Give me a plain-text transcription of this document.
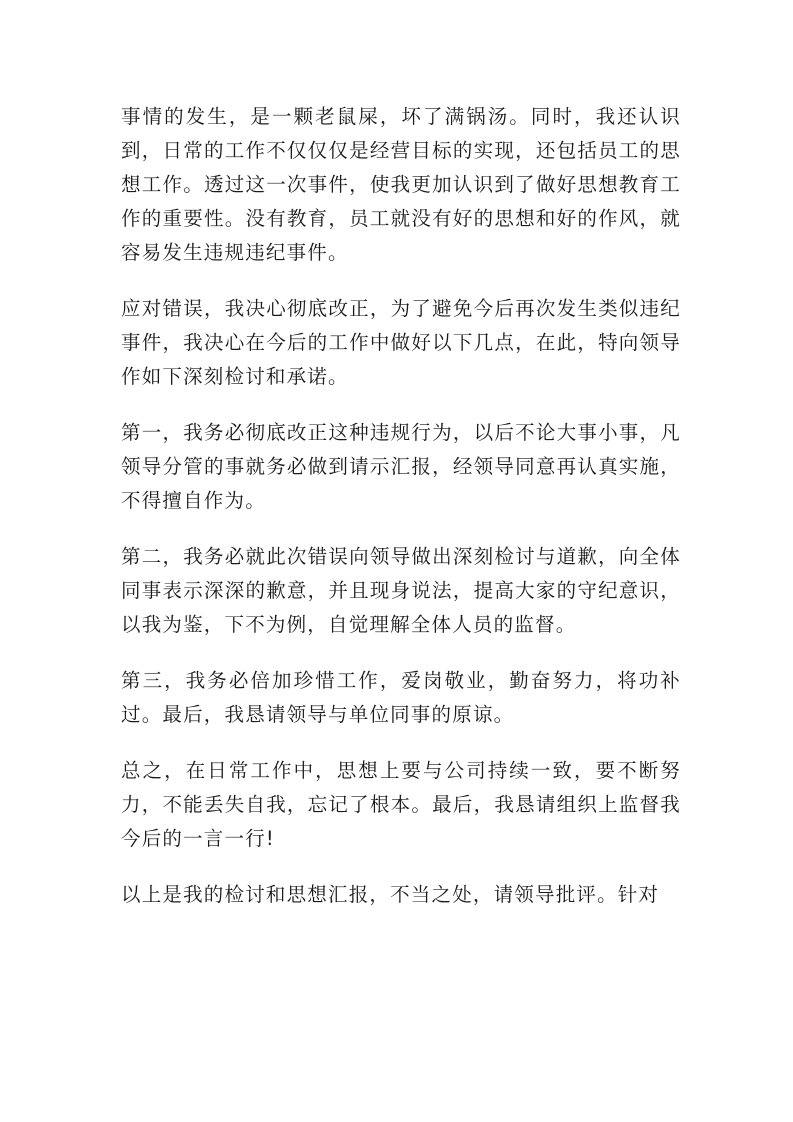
事情的发生，是一颗老鼠屎，坏了满锅汤。同时，我还认识到，日常的工作不仅仅仅是经营目标的实现，还包括员工的思想工作。透过这一次事件，使我更加认识到了做好思想教育工作的重要性。没有教育，员工就没有好的思想和好的作风，就容易发生违规违纪事件。

应对错误，我决心彻底改正，为了避免今后再次发生类似违纪事件，我决心在今后的工作中做好以下几点，在此，特向领导作如下深刻检讨和承诺。

第一，我务必彻底改正这种违规行为，以后不论大事小事，凡领导分管的事就务必做到请示汇报，经领导同意再认真实施，不得擅自作为。

第二，我务必就此次错误向领导做出深刻检讨与道歉，向全体同事表示深深的歉意，并且现身说法，提高大家的守纪意识，以我为鉴，下不为例，自觉理解全体人员的监督。

第三，我务必倍加珍惜工作，爱岗敬业，勤奋努力，将功补过。最后，我恳请领导与单位同事的原谅。

总之，在日常工作中，思想上要与公司持续一致，要不断努力，不能丢失自我，忘记了根本。最后，我恳请组织上监督我今后的一言一行!

以上是我的检讨和思想汇报，不当之处，请领导批评。针对
